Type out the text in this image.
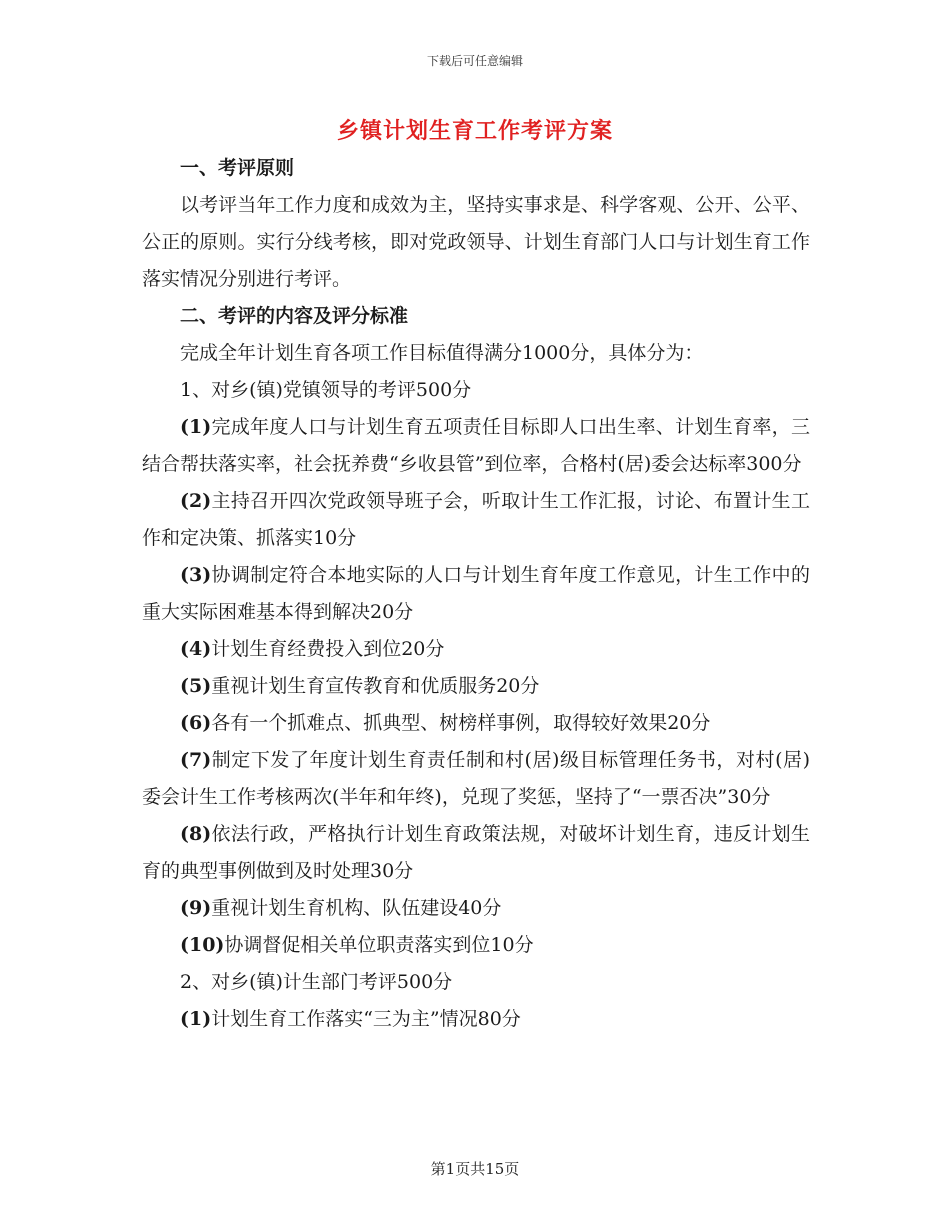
下载后可任意编辑
乡镇计划生育工作考评方案

一、考评原则

以考评当年工作力度和成效为主，坚持实事求是、科学客观、公开、公平、公正的原则。实行分线考核，即对党政领导、计划生育部门人口与计划生育工作落实情况分别进行考评。

二、考评的内容及评分标准

完成全年计划生育各项工作目标值得满分1000分，具体分为：

1、对乡(镇)党镇领导的考评500分

(1)完成年度人口与计划生育五项责任目标即人口出生率、计划生育率，三结合帮扶落实率，社会抚养费“乡收县管”到位率，合格村(居)委会达标率300分

(2)主持召开四次党政领导班子会，听取计生工作汇报，讨论、布置计生工作和定决策、抓落实10分

(3)协调制定符合本地实际的人口与计划生育年度工作意见，计生工作中的重大实际困难基本得到解决20分

(4)计划生育经费投入到位20分

(5)重视计划生育宣传教育和优质服务20分

(6)各有一个抓难点、抓典型、树榜样事例，取得较好效果20分

(7)制定下发了年度计划生育责任制和村(居)级目标管理任务书，对村(居)委会计生工作考核两次(半年和年终)，兑现了奖惩，坚持了“一票否决”30分

(8)依法行政，严格执行计划生育政策法规，对破坏计划生育，违反计划生育的典型事例做到及时处理30分

(9)重视计划生育机构、队伍建设40分

(10)协调督促相关单位职责落实到位10分

2、对乡(镇)计生部门考评500分

(1)计划生育工作落实“三为主”情况80分

第1页共15页
